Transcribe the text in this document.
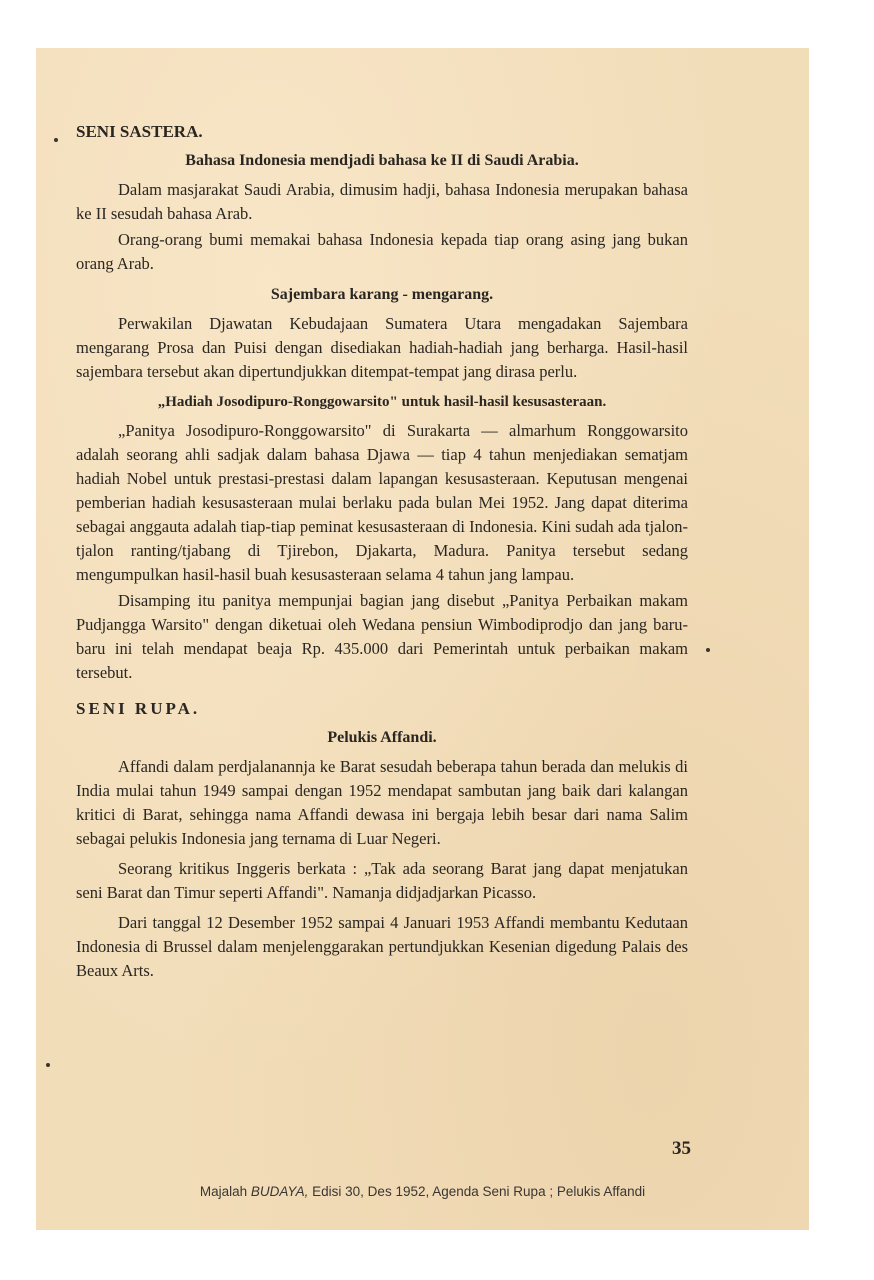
SENI SASTERA.
Bahasa Indonesia mendjadi bahasa ke II di Saudi Arabia.

Dalam masjarakat Saudi Arabia, dimusim hadji, bahasa Indonesia merupakan bahasa ke II sesudah bahasa Arab.

Orang-orang bumi memakai bahasa Indonesia kepada tiap orang asing jang bukan orang Arab.

Sajembara karang - mengarang.

Perwakilan Djawatan Kebudajaan Sumatera Utara mengadakan Sajembara mengarang Prosa dan Puisi dengan disediakan hadiah-hadiah jang berharga. Hasil-hasil sajembara tersebut akan dipertundjukkan ditempat-tempat jang dirasa perlu.

„Hadiah Josodipuro-Ronggowarsito" untuk hasil-hasil kesusasteraan.

„Panitya Josodipuro-Ronggowarsito" di Surakarta — almarhum Ronggowarsito adalah seorang ahli sadjak dalam bahasa Djawa — tiap 4 tahun menjediakan sematjam hadiah Nobel untuk prestasi-prestasi dalam lapangan kesusasteraan. Keputusan mengenai pemberian hadiah kesusasteraan mulai berlaku pada bulan Mei 1952. Jang dapat diterima sebagai anggauta adalah tiap-tiap peminat kesusasteraan di Indonesia. Kini sudah ada tjalon-tjalon ranting/tjabang di Tjirebon, Djakarta, Madura. Panitya tersebut sedang mengumpulkan hasil-hasil buah kesusasteraan selama 4 tahun jang lampau.

Disamping itu panitya mempunjai bagian jang disebut „Panitya Perbaikan makam Pudjangga Warsito" dengan diketuai oleh Wedana pensiun Wimbodiprodjo dan jang baru-baru ini telah mendapat beaja Rp. 435.000 dari Pemerintah untuk perbaikan makam tersebut.

SENI RUPA.
Pelukis Affandi.

Affandi dalam perdjalanannja ke Barat sesudah beberapa tahun berada dan melukis di India mulai tahun 1949 sampai dengan 1952 mendapat sambutan jang baik dari kalangan kritici di Barat, sehingga nama Affandi dewasa ini bergaja lebih besar dari nama Salim sebagai pelukis Indonesia jang ternama di Luar Negeri.

Seorang kritikus Inggeris berkata : „Tak ada seorang Barat jang dapat menjatukan seni Barat dan Timur seperti Affandi". Namanja didjadjarkan Picasso.

Dari tanggal 12 Desember 1952 sampai 4 Januari 1953 Affandi membantu Kedutaan Indonesia di Brussel dalam menjelenggarakan pertundjukkan Kesenian digedung Palais des Beaux Arts.

35
Majalah BUDAYA, Edisi 30, Des 1952, Agenda Seni Rupa ; Pelukis Affandi
